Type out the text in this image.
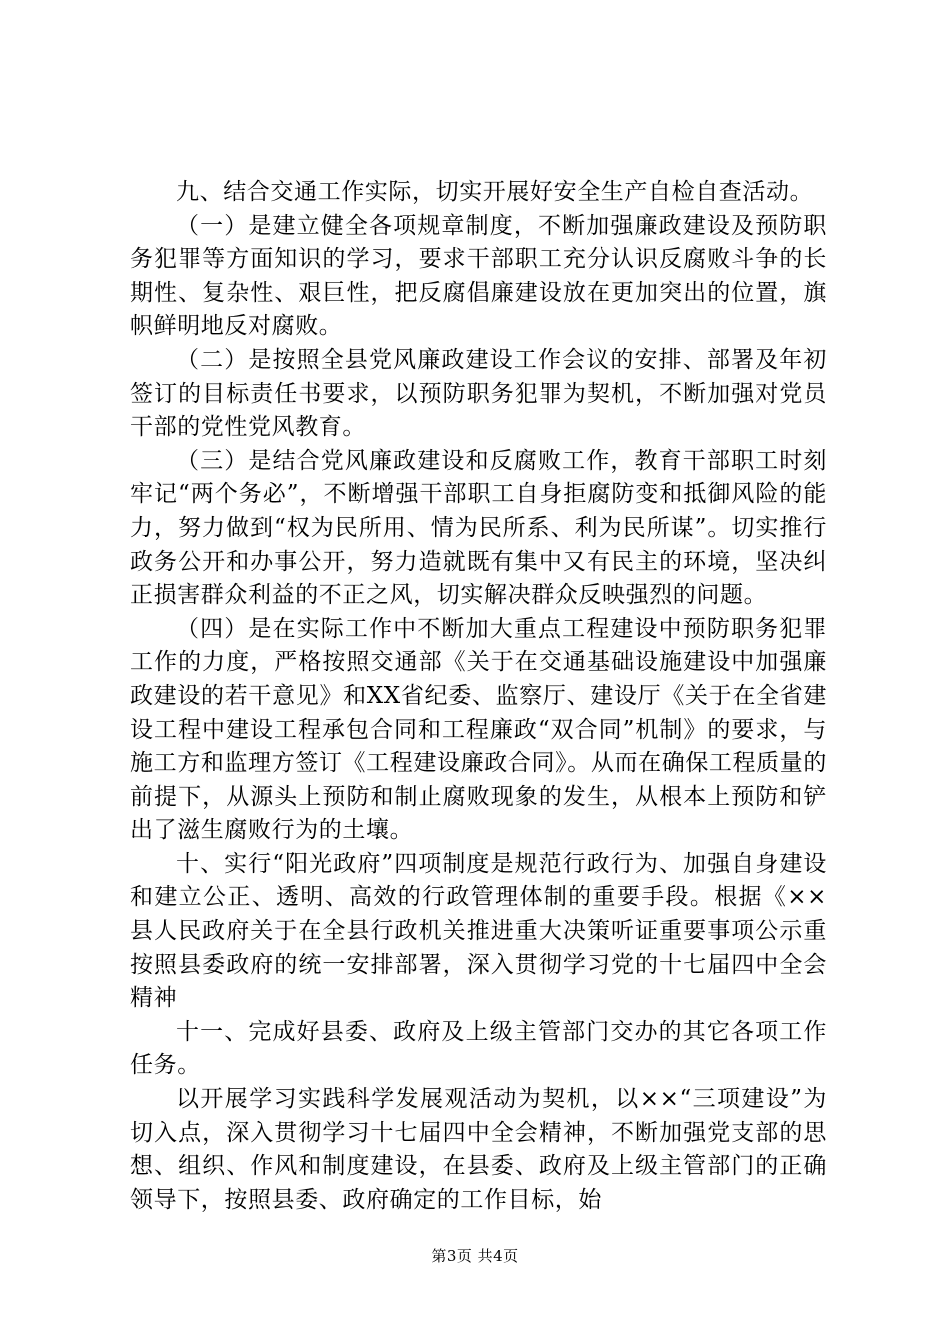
九、结合交通工作实际，切实开展好安全生产自检自查活动。

（一）是建立健全各项规章制度，不断加强廉政建设及预防职务犯罪等方面知识的学习，要求干部职工充分认识反腐败斗争的长期性、复杂性、艰巨性，把反腐倡廉建设放在更加突出的位置，旗帜鲜明地反对腐败。

（二）是按照全县党风廉政建设工作会议的安排、部署及年初签订的目标责任书要求，以预防职务犯罪为契机，不断加强对党员干部的党性党风教育。

（三）是结合党风廉政建设和反腐败工作，教育干部职工时刻牢记“两个务必”，不断增强干部职工自身拒腐防变和抵御风险的能力，努力做到“权为民所用、情为民所系、利为民所谋”。切实推行政务公开和办事公开，努力造就既有集中又有民主的环境，坚决纠正损害群众利益的不正之风，切实解决群众反映强烈的问题。

（四）是在实际工作中不断加大重点工程建设中预防职务犯罪工作的力度，严格按照交通部《关于在交通基础设施建设中加强廉政建设的若干意见》和XX省纪委、监察厅、建设厅《关于在全省建设工程中建设工程承包合同和工程廉政“双合同”机制》的要求，与施工方和监理方签订《工程建设廉政合同》。从而在确保工程质量的前提下，从源头上预防和制止腐败现象的发生，从根本上预防和铲出了滋生腐败行为的土壤。

十、实行“阳光政府”四项制度是规范行政行为、加强自身建设和建立公正、透明、高效的行政管理体制的重要手段。根据《××县人民政府关于在全县行政机关推进重大决策听证重要事项公示重按照县委政府的统一安排部署，深入贯彻学习党的十七届四中全会精神

十一、完成好县委、政府及上级主管部门交办的其它各项工作任务。

以开展学习实践科学发展观活动为契机，以××“三项建设”为切入点，深入贯彻学习十七届四中全会精神，不断加强党支部的思想、组织、作风和制度建设，在县委、政府及上级主管部门的正确领导下，按照县委、政府确定的工作目标，始

第3页 共4页
